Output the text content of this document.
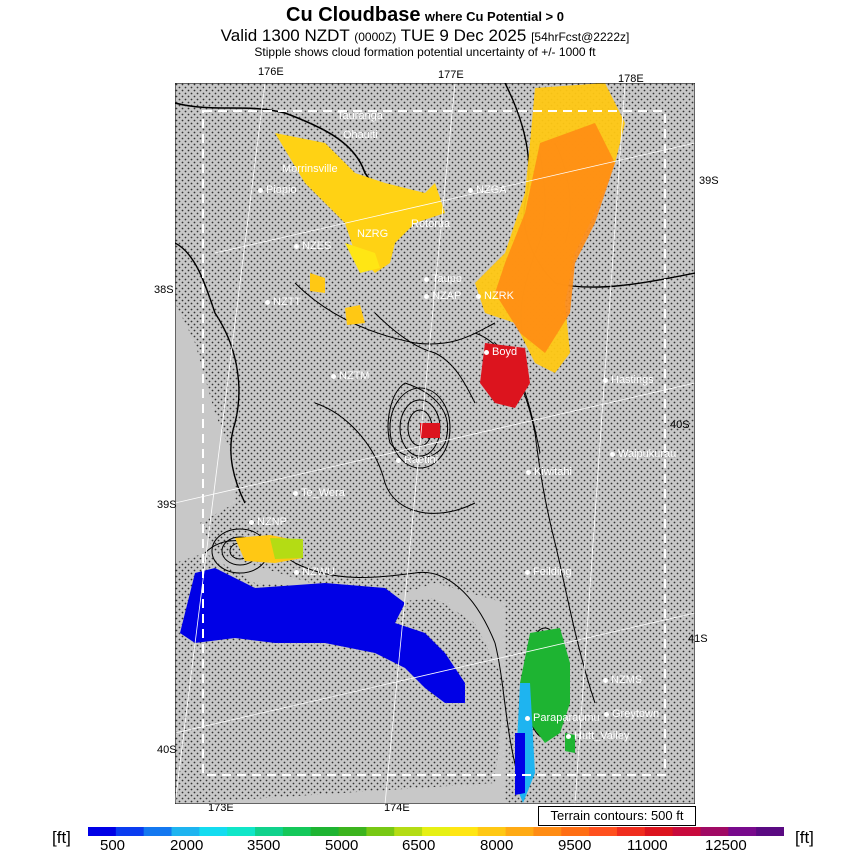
Cu Cloudbase where Cu Potential > 0
Valid 1300 NZDT (0000Z) TUE 9 Dec 2025 [54hrFcst@2222z]
Stipple shows cloud formation potential uncertainty of +/- 1000 ft
176E	177E	178E
173E	174E
38S
39S
40S
39S
40S
41S
Tauranga
Ohauiti
Morrinsville
NZGA
Piopio
Rotorua
NZES
NZRG
Taupo
NZAP	NZRK
NZTT
Boyd
NZTM	Hastings
Waipukurau
Raetihi
Kiwitahi
Te_Wera
NZNP
NZWU	Feilding
NZMS
Greytown
Paraparaumu
Hutt_Valley
Terrain contours: 500 ft
[ft]	[ft]
500	2000	3500	5000	6500	8000	9500 11000 12500
